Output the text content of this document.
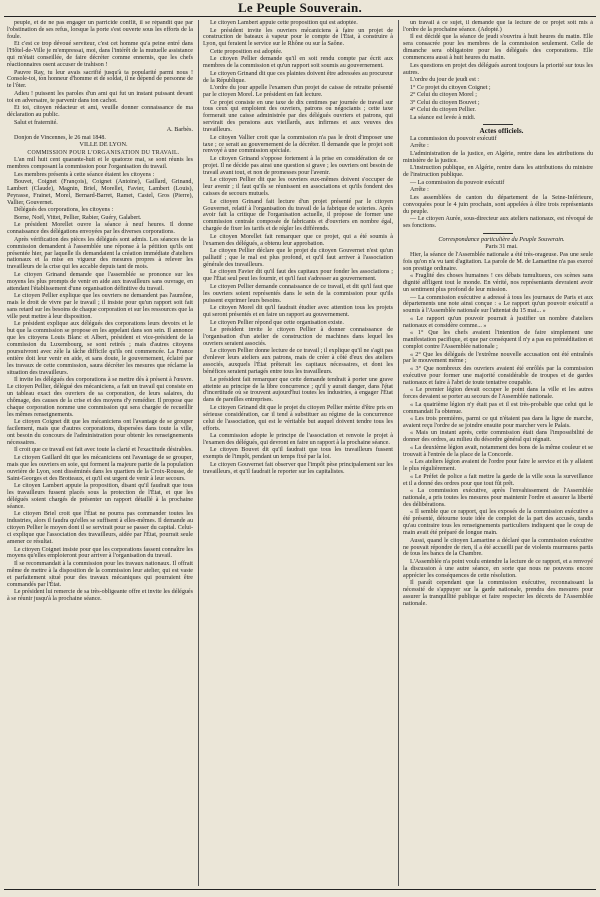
Le Peuple Souverain.

peuple, et de ne pas engager un parricide conflit, il se répandit que par l'obstination de ses refus, lorsque la porte s'est ouverte sous les efforts de la foule.

Et c'est ce trop dévoué serviteur, c'est cet homme qu'a peine entré dans l'Hôtel-de-Ville je m'empressai, moi, dans l'intérêt de la mutuelle assistance qui m'était conseillée, de faire décréter comme ennemis, que les chefs réactionnaires osent accuser de trahison !

Pauvre Ray, tu leur avais sacrifié jusqu'à ta popularité parmi nous ! Console-toi, ton honneur d'homme et de soldat, il ne dépend de personne de te l'ôter.

Adieu ! puissent les paroles d'un ami qui fut un instant puissant devant toi en adversaire, te parvenir dans ton cachot.

Et toi, citoyen rédacteur et ami, veuille donner connaissance de ma déclaration au public.

Salut et fraternité.

A. Barbès.

Donjon de Vincennes, le 26 mai 1848.

VILLE DE LYON.

COMMISSION POUR L'ORGANISATION DU TRAVAIL.

L'an mil huit cent quarante-huit et le quatorze mai, se sont réunis les membres composant la commission pour l'organisation du travail.

Les membres présents à cette séance étaient les citoyens :

Bouvet, Coignet (François), Coignet (Antoine), Gaillard, Grinand, Lambert (Claude), Magnin, Briel, Morellet, Favier, Lambert (Louis), Peyrasse, Frainet, Morel, Bernard-Barret, Ramet, Castel, Gros (Pierre), Vallier, Gouvernet.

Délégués des corporations, les citoyens :

Borne, Noël, Vittet, Pellier, Rabier, Guéry, Galabert.

Le président Morellet ouvre la séance à neuf heures. Il donne connaissance des délégations envoyées par les diverses corporations.

Après vérification des pièces les délégués sont admis. Les séances de la commission demandent à l'assemblée une réponse à la pétition qu'ils ont présentée hier, par laquelle ils demandaient la création immédiate d'ateliers nationaux et la mise en vigueur des mesures propres à relever les travailleurs de la crise qui les accable depuis tant de mois.

Le citoyen Grinand demande que l'assemblée se prononce sur les moyens les plus prompts de venir en aide aux travailleurs sans ouvrage, en attendant l'établissement d'une organisation définitive du travail.

Le citoyen Pellier explique que les ouvriers ne demandent pas l'aumône, mais le droit de vivre par le travail ; il insiste pour qu'un rapport soit fait sans retard sur les besoins de chaque corporation et sur les ressources que la ville peut mettre à leur disposition.

Le président explique aux délégués des corporations leurs devoirs et le but que la commission se propose en les appelant dans son sein. Il annonce que les citoyens Louis Blanc et Albert, président et vice-président de la commission du Luxembourg, se sont retirés ; mais d'autres citoyens poursuivront avec zèle la tâche difficile qu'ils ont commencée. La France entière doit leur venir en aide, et sans doute, le gouvernement, éclairé par les travaux de cette commission, saura décréter les mesures que réclame la situation des travailleurs.

Il invite les délégués des corporations à se mettre dès à présent à l'œuvre. Le citoyen Pellier, délégué des mécaniciens, a fait un travail qui consiste en un tableau exact des ouvriers de sa corporation, de leurs salaires, du chômage, des causes de la crise et des moyens d'y remédier. Il propose que chaque corporation nomme une commission qui sera chargée de recueillir les mêmes renseignements.

Le citoyen Coignet dit que les mécaniciens ont l'avantage de se grouper facilement, mais que d'autres corporations, dispersées dans toute la ville, ont besoin du concours de l'administration pour obtenir les renseignements nécessaires.

Il croit que ce travail est fait avec toute la clarté et l'exactitude désirables.

Le citoyen Gaillard dit que les mécaniciens ont l'avantage de se grouper, mais que les ouvriers en soie, qui forment la majeure partie de la population ouvrière de Lyon, sont disséminés dans les quartiers de la Croix-Rousse, de Saint-Georges et des Brotteaux, et qu'il est urgent de venir à leur secours.

Le citoyen Lambert appuie la proposition, disant qu'il faudrait que tous les travailleurs fussent placés sous la protection de l'État, et que les délégués soient chargés de présenter un rapport détaillé à la prochaine séance.

Le citoyen Briel croit que l'État ne pourra pas commander toutes les industries, alors il faudra qu'elles se suffisent à elles-mêmes. Il demande au citoyen Pellier le moyen dont il se servirait pour se passer du capital. Celui-ci explique que l'association des travailleurs, aidée par l'État, pourrait seule amener ce résultat.

Le citoyen Coignet insiste pour que les corporations fassent connaître les moyens qu'elles emploieront pour arriver à l'organisation du travail.

Il se recommandait à la commission pour les travaux nationaux. Il offrait même de mettre à la disposition de la commission leur atelier, qui est vaste et parfaitement situé pour des travaux mécaniques qui pourraient être commandés par l'État.

Le président lui remercie de sa très-obligeante offre et invite les délégués à se réunir jusqu'à la prochaine séance.

Le citoyen Lambert appuie cette proposition qui est adoptée.

Le président invite les ouvriers mécaniciens à faire un projet de construction de bateaux à vapeur pour le compte de l'État, à construire à Lyon, qui feraient le service sur le Rhône ou sur la Saône.

Cette proposition est adoptée.

Le citoyen Pellier demande qu'il en soit rendu compte par écrit aux membres de la commission et qu'un rapport soit soumis au gouvernement.

Le citoyen Grinand dit que ces plaintes doivent être adressées au procureur de la République.

L'ordre du jour appelle l'examen d'un projet de caisse de retraite présenté par le citoyen Morel. Le président en fait lecture.

Ce projet consiste en une taxe de dix centimes par journée de travail sur tous ceux qui emploient des ouvriers, patrons ou négociants ; cette taxe formerait une caisse administrée par des délégués ouvriers et patrons, qui servirait des pensions aux vieillards, aux infirmes et aux veuves des travailleurs.

Le citoyen Vallier croit que la commission n'a pas le droit d'imposer une taxe ; ce serait au gouvernement de la décréter. Il demande que le projet soit renvoyé à une commission spéciale.

Le citoyen Grinand s'oppose fortement à la prise en considération de ce projet. Il ne décide pas ainsi une question si grave ; les ouvriers ont besoin de travail avant tout, et non de promesses pour l'avenir.

Le citoyen Pellier dit que les ouvriers eux-mêmes doivent s'occuper de leur avenir ; il faut qu'ils se réunissent en associations et qu'ils fondent des caisses de secours mutuels.

Le citoyen Grinand fait lecture d'un projet présenté par le citoyen Gouvernet, relatif à l'organisation du travail de la fabrique de soieries. Après avoir fait la critique de l'organisation actuelle, il propose de former une commission centrale composée de fabricants et d'ouvriers en nombre égal, chargée de fixer les tarifs et de régler les différends.

Le citoyen Morellet fait remarquer que ce projet, qui a été soumis à l'examen des délégués, a obtenu leur approbation.

Le citoyen Pellier déclare que le projet du citoyen Gouvernet n'est qu'un palliatif ; que le mal est plus profond, et qu'il faut arriver à l'association générale des travailleurs.

Le citoyen Favier dit qu'il faut des capitaux pour fonder les associations ; que l'État seul peut les fournir, et qu'il faut s'adresser au gouvernement.

Le citoyen Pellier demande connaissance de ce travail, et dit qu'il faut que les ouvriers soient représentés dans le sein de la commission pour qu'ils puissent exprimer leurs besoins.

Le citoyen Morel dit qu'il faudrait étudier avec attention tous les projets qui seront présentés et en faire un rapport au gouvernement.

Le citoyen Pellier répond que cette organisation existe.

Le président invite le citoyen Pellier à donner connaissance de l'organisation d'un atelier de construction de machines dans lequel les ouvriers seraient associés.

Le citoyen Pellier donne lecture de ce travail ; il explique qu'il ne s'agit pas d'enlever leurs ateliers aux patrons, mais de créer à côté d'eux des ateliers associés, auxquels l'État prêterait les capitaux nécessaires, et dont les bénéfices seraient partagés entre tous les travailleurs.

Le président fait remarquer que cette demande tendrait à porter une grave atteinte au principe de la libre concurrence ; qu'il y aurait danger, dans l'état d'incertitude où se trouvent aujourd'hui toutes les industries, à engager l'État dans de pareilles entreprises.

Le citoyen Grinand dit que le projet du citoyen Pellier mérite d'être pris en sérieuse considération, car il tend à substituer au régime de la concurrence celui de l'association, qui est le véritable but auquel doivent tendre tous les efforts.

La commission adopte le principe de l'association et renvoie le projet à l'examen des délégués, qui devront en faire un rapport à la prochaine séance.

Le citoyen Bouvet dit qu'il faudrait que tous les travailleurs fussent exempts de l'impôt, pendant un temps fixé par la loi.

Le citoyen Gouvernet fait observer que l'impôt pèse principalement sur les travailleurs, et qu'il faudrait le reporter sur les capitalistes.

un travail à ce sujet, il demande que la lecture de ce projet soit mis à l'ordre de la prochaine séance. (Adopté.)

Il est décidé que la séance de jeudi s'ouvrira à huit heures du matin. Elle sera consacrée pour les membres de la commission seulement. Celle de dimanche sera obligatoire pour les délégués des corporations. Elle commencera aussi à huit heures du matin.

Les questions en projet des délégués auront toujours la priorité sur tous les autres.

L'ordre du jour de jeudi est :

1° Ce projet du citoyen Coignet ;

2° Celui du citoyen Morel ;

3° Celui du citoyen Bouvet ;

4° Celui du citoyen Pellier.

La séance est levée à midi.

Actes officiels.

La commission du pouvoir exécutif

Arrête :

L'administration de la justice, en Algérie, rentre dans les attributions du ministère de la justice.

L'instruction publique, en Algérie, rentre dans les attributions du ministre de l'instruction publique.

— La commission du pouvoir exécutif

Arrête :

Les assemblées de canton du département de la Seine-Inférieure, convoquées pour le 4 juin prochain, sont appelées à élire trois représentants du peuple.

— Le citoyen Aurée, sous-directeur aux ateliers nationaux, est révoqué de ses fonctions.

Correspondance particulière du Peuple Souverain.

Paris 31 mai.

Hier, la séance de l'Assemblée nationale a été très-orageuse. Pas une seule fois qu'on n'a vu tant d'agitation. La parole de M. de Lamartine n'a pas exercé son prestige ordinaire.

« Fraglité des choses humaines ! ces débats tumultueux, ces scènes sans dignité affligent tout le monde. En vérité, nos représentants devraient avoir un sentiment plus profond de leur mission.

— La commission exécutive a adressé à tous les journaux de Paris et aux départements une note ainsi conçue : « Le rapport qu'un pouvoir exécutif a soumis à l'Assemblée nationale sur l'attentat du 15 mai... »

« Le rapport qu'un pouvoir pourrait à justifier un nombre d'ateliers nationaux et considère comme... »

« 1° Que les chefs avaient l'intention de faire simplement une manifestation pacifique, et que par conséquent il n'y a pas eu préméditation et complot contre l'Assemblée nationale ;

« 2° Que les délégués de l'extrême nouvelle accusation ont été entraînés par le mouvement même ;

« 3° Que nombreux des ouvriers avaient été enrôlés par la commission exécutive pour former une majorité considérable de troupes et de gardes nationaux et faire à l'abri de toute tentative coupable.

« Le premier légion devait occuper le point dans la ville et les autres forces devaient se porter au secours de l'Assemblée nationale.

« La quatrième légion n'y était pas et il est très-probable que celui qui le commandait l'a obtenue.

« Les trois premières, parmi ce qui n'étaient pas dans la ligne de marche, avaient reçu l'ordre de se joindre ensuite pour marcher vers le Palais.

« Mais un instant après, cette commission était dans l'impossibilité de donner des ordres, au milieu du désordre général qui régnait.

« La deuxième légion avait, notamment des bons de la même couleur et se trouvait à l'entrée de la place de la Concorde.

« Les ateliers légion avaient de l'ordre pour faire le service et ils y allaient le plus régulièrement.

« Le Préfet de police a fait mettre la garde de la ville sous la surveillance et il a donné des ordres pour que tout fût prêt.

« La commission exécutive, après l'envahissement de l'Assemblée nationale, a pris toutes les mesures pour maintenir l'ordre et assurer la liberté des délibérations.

« Il semble que ce rapport, qui les exposés de la commission exécutive a été présenté, détourne toute idée de complot de la part des accusés, tandis qu'au contraire tous les renseignements particuliers indiquent que le coup de main avait été préparé de longue main.

Aussi, quand le citoyen Lamartine a déclaré que la commission exécutive ne pouvait répondre de rien, il a été accueilli par de violents murmures partis de tous les bancs de la Chambre.

L'Assemblée n'a point voulu entendre la lecture de ce rapport, et a renvoyé la discussion à une autre séance, en sorte que nous ne pouvons encore apprécier les conséquences de cette résolution.

Il paraît cependant que la commission exécutive, reconnaissant la nécessité de s'appuyer sur la garde nationale, prendra des mesures pour assurer la tranquillité publique et faire respecter les décrets de l'Assemblée nationale.
